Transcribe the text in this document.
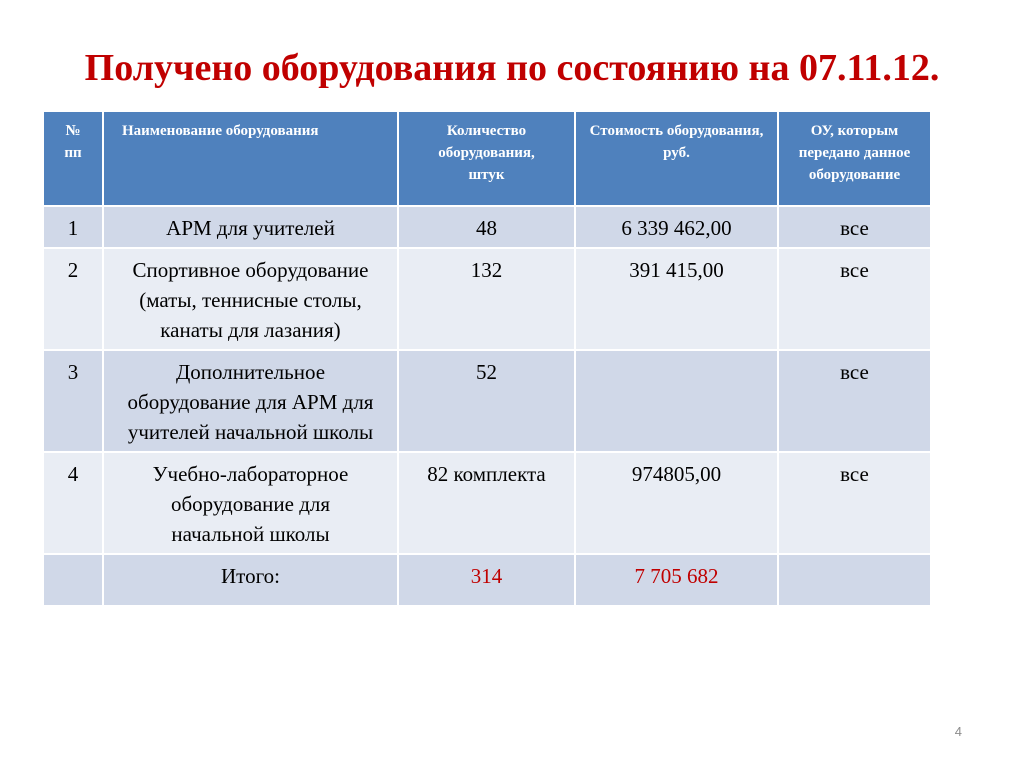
Получено оборудования по состоянию на 07.11.12.
№ пп	Наименование оборудования	Количество оборудования, штук	Стоимость оборудования, руб.	ОУ, которым передано данное оборудование
1	АРМ для учителей	48	6 339 462,00	все
2	Спортивное оборудование (маты, теннисные столы, канаты для лазания)	132	391 415,00	все
3	Дополнительное оборудование для АРМ для учителей начальной школы	52		все
4	Учебно-лабораторное оборудование для начальной школы	82 комплекта	974805,00	все
	Итого:	314	7 705 682	
4
